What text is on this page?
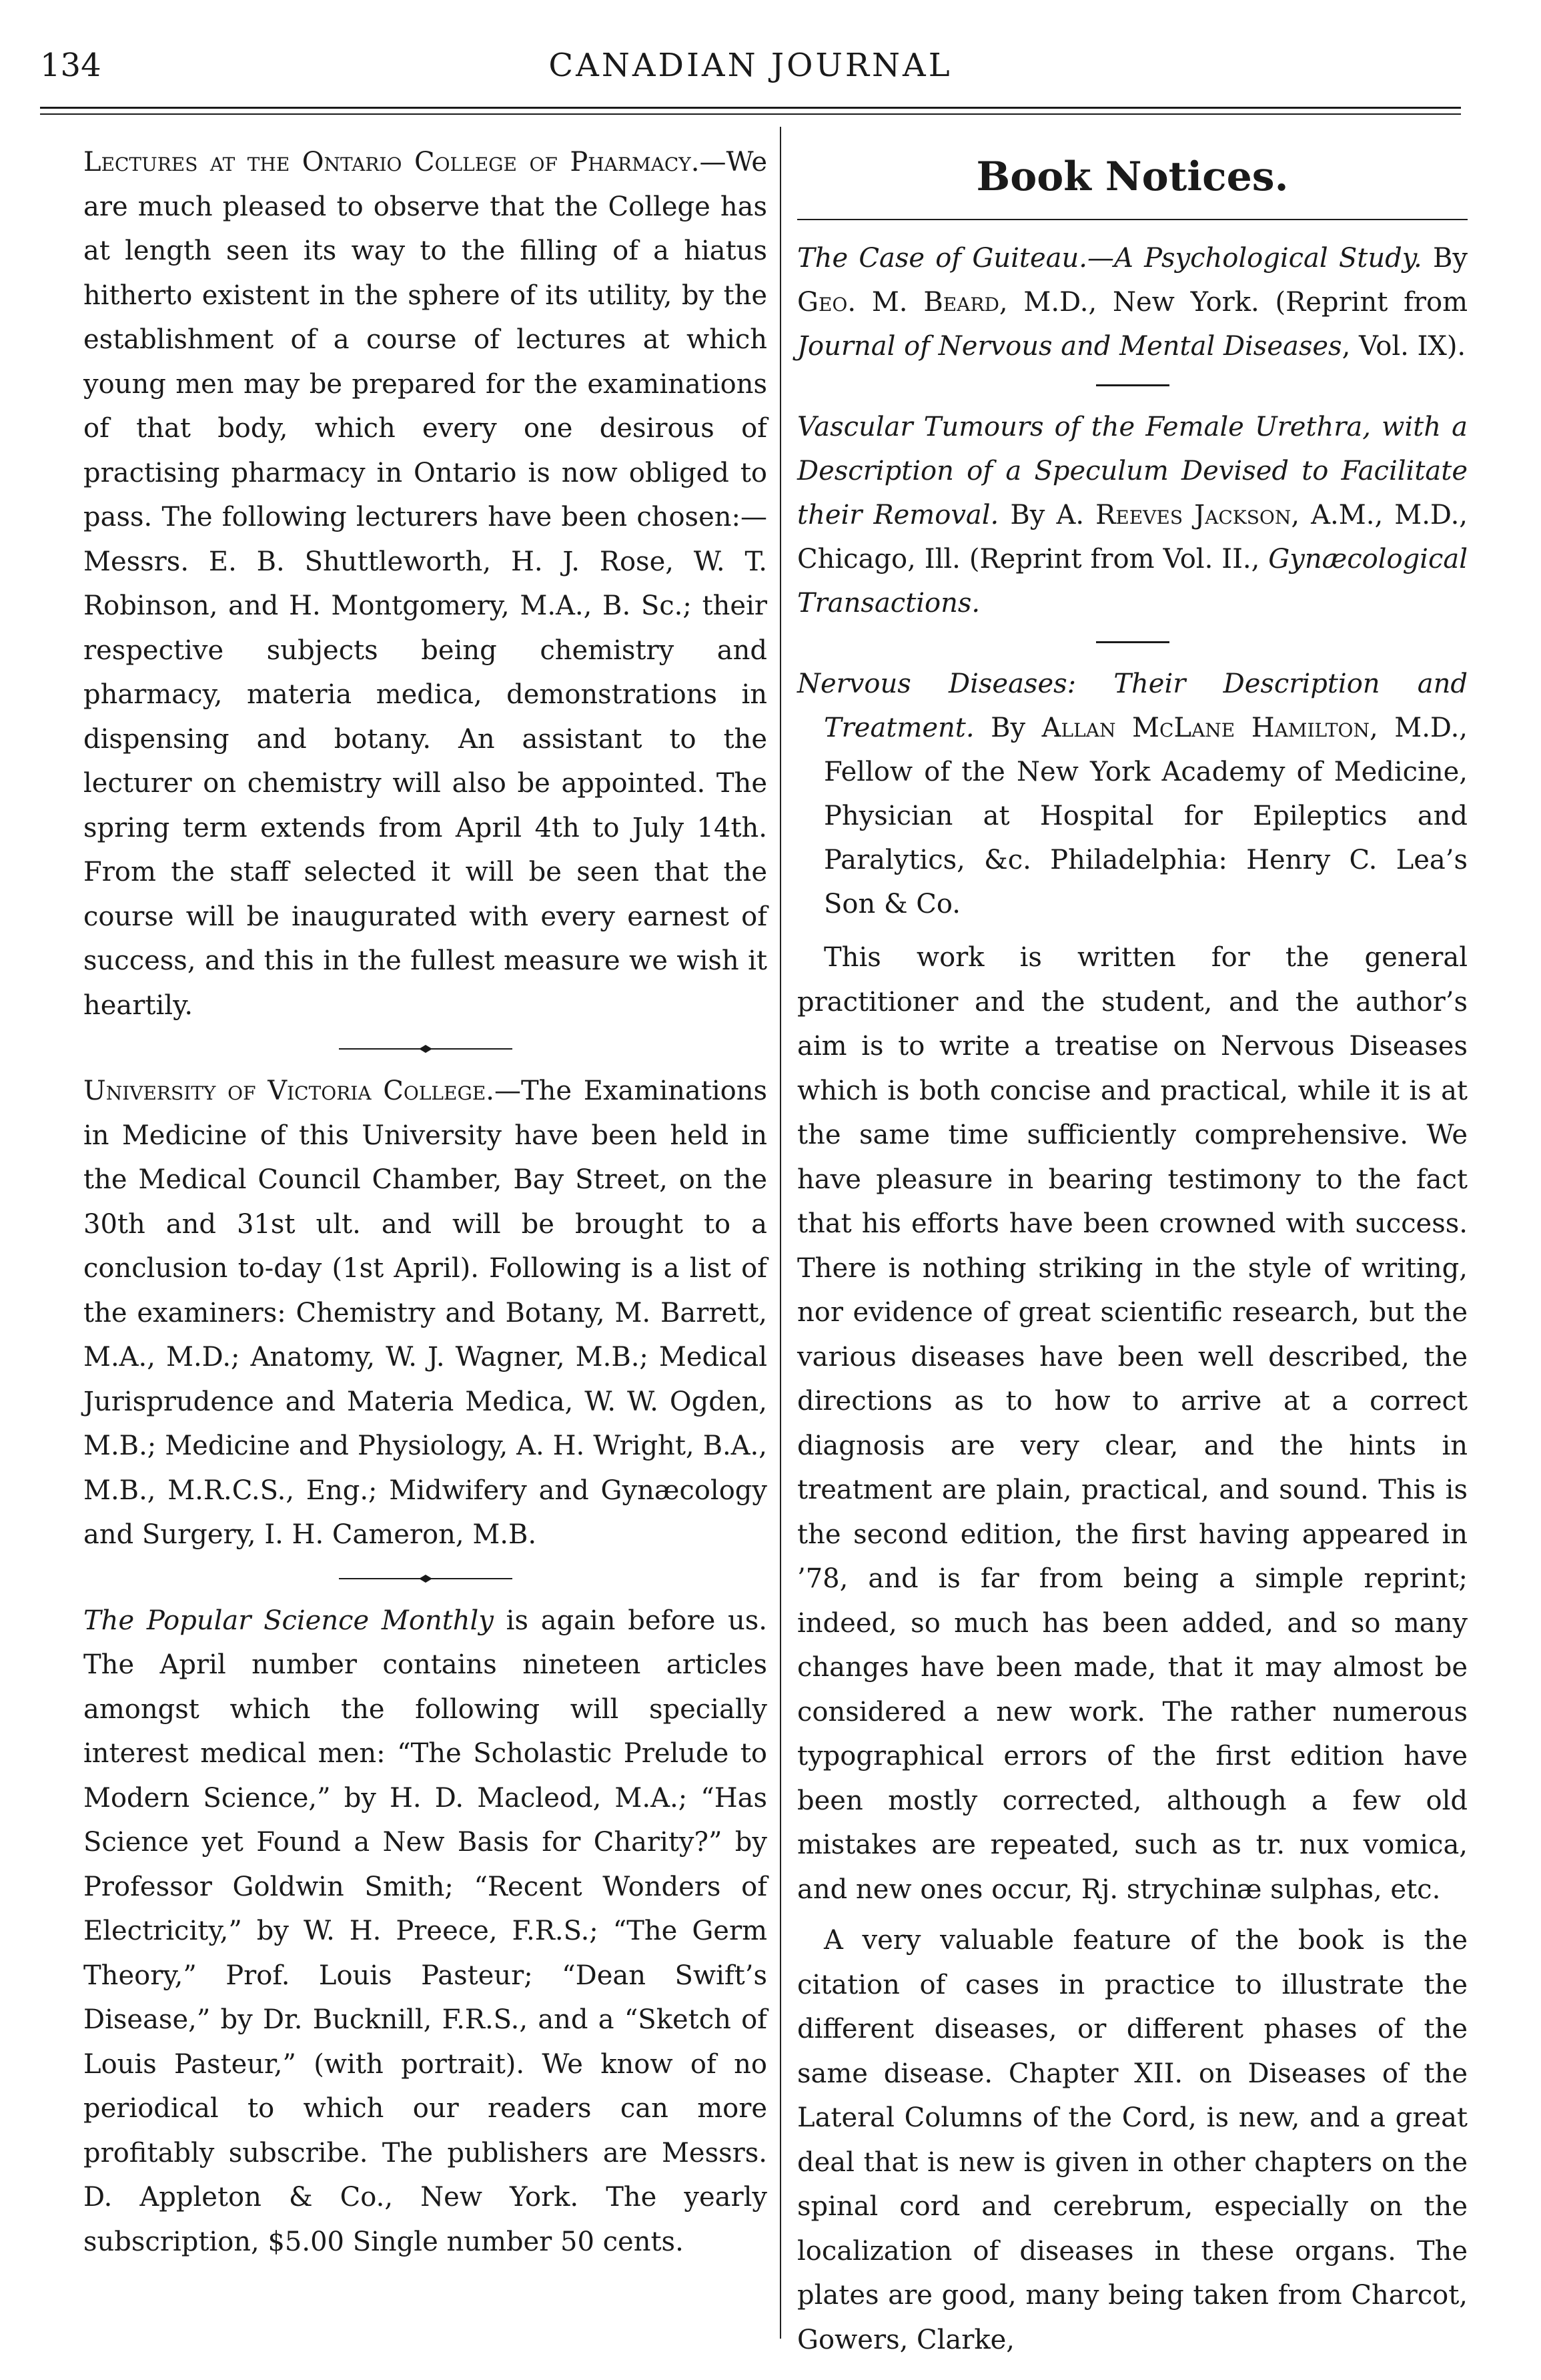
134	CANADIAN JOURNAL

Lectures at the Ontario College of Pharmacy.—We are much pleased to observe that the College has at length seen its way to the filling of a hiatus hitherto existent in the sphere of its utility, by the establishment of a course of lectures at which young men may be prepared for the examinations of that body, which every one desirous of practising pharmacy in Ontario is now obliged to pass. The following lecturers have been chosen:—Messrs. E. B. Shuttleworth, H. J. Rose, W. T. Robinson, and H. Montgomery, M.A., B. Sc.; their respective subjects being chemistry and pharmacy, materia medica, demonstrations in dispensing and botany. An assistant to the lecturer on chemistry will also be appointed. The spring term extends from April 4th to July 14th. From the staff selected it will be seen that the course will be inaugurated with every earnest of success, and this in the fullest measure we wish it heartily.

University of Victoria College.—The Examinations in Medicine of this University have been held in the Medical Council Chamber, Bay Street, on the 30th and 31st ult. and will be brought to a conclusion to-day (1st April). Following is a list of the examiners: Chemistry and Botany, M. Barrett, M.A., M.D.; Anatomy, W. J. Wagner, M.B.; Medical Jurisprudence and Materia Medica, W. W. Ogden, M.B.; Medicine and Physiology, A. H. Wright, B.A., M.B., M.R.C.S., Eng.; Midwifery and Gynæcology and Surgery, I. H. Cameron, M.B.

The Popular Science Monthly is again before us. The April number contains nineteen articles amongst which the following will specially interest medical men: “The Scholastic Prelude to Modern Science,” by H. D. Macleod, M.A.; “Has Science yet Found a New Basis for Charity?” by Professor Goldwin Smith; “Recent Wonders of Electricity,” by W. H. Preece, F.R.S.; “The Germ Theory,” Prof. Louis Pasteur; “Dean Swift’s Disease,” by Dr. Bucknill, F.R.S., and a “Sketch of Louis Pasteur,” (with portrait). We know of no periodical to which our readers can more profitably subscribe. The publishers are Messrs. D. Appleton & Co., New York. The yearly subscription, $5.00 Single number 50 cents.

Book Notices.

The Case of Guiteau.—A Psychological Study. By Geo. M. Beard, M.D., New York. (Reprint from Journal of Nervous and Mental Diseases, Vol. IX).

Vascular Tumours of the Female Urethra, with a Description of a Speculum Devised to Facilitate their Removal. By A. Reeves Jackson, A.M., M.D., Chicago, Ill. (Reprint from Vol. II., Gynæcological Transactions.

Nervous Diseases: Their Description and Treatment. By Allan McLane Hamilton, M.D., Fellow of the New York Academy of Medicine, Physician at Hospital for Epileptics and Paralytics, &c. Philadelphia: Henry C. Lea’s Son & Co.

This work is written for the general practitioner and the student, and the author’s aim is to write a treatise on Nervous Diseases which is both concise and practical, while it is at the same time sufficiently comprehensive. We have pleasure in bearing testimony to the fact that his efforts have been crowned with success. There is nothing striking in the style of writing, nor evidence of great scientific research, but the various diseases have been well described, the directions as to how to arrive at a correct diagnosis are very clear, and the hints in treatment are plain, practical, and sound. This is the second edition, the first having appeared in ’78, and is far from being a simple reprint; indeed, so much has been added, and so many changes have been made, that it may almost be considered a new work. The rather numerous typographical errors of the first edition have been mostly corrected, although a few old mistakes are repeated, such as tr. nux vomica, and new ones occur, Rj. strychinæ sulphas, etc.

A very valuable feature of the book is the citation of cases in practice to illustrate the different diseases, or different phases of the same disease. Chapter XII. on Diseases of the Lateral Columns of the Cord, is new, and a great deal that is new is given in other chapters on the spinal cord and cerebrum, especially on the localization of diseases in these organs. The plates are good, many being taken from Charcot, Gowers, Clarke,
